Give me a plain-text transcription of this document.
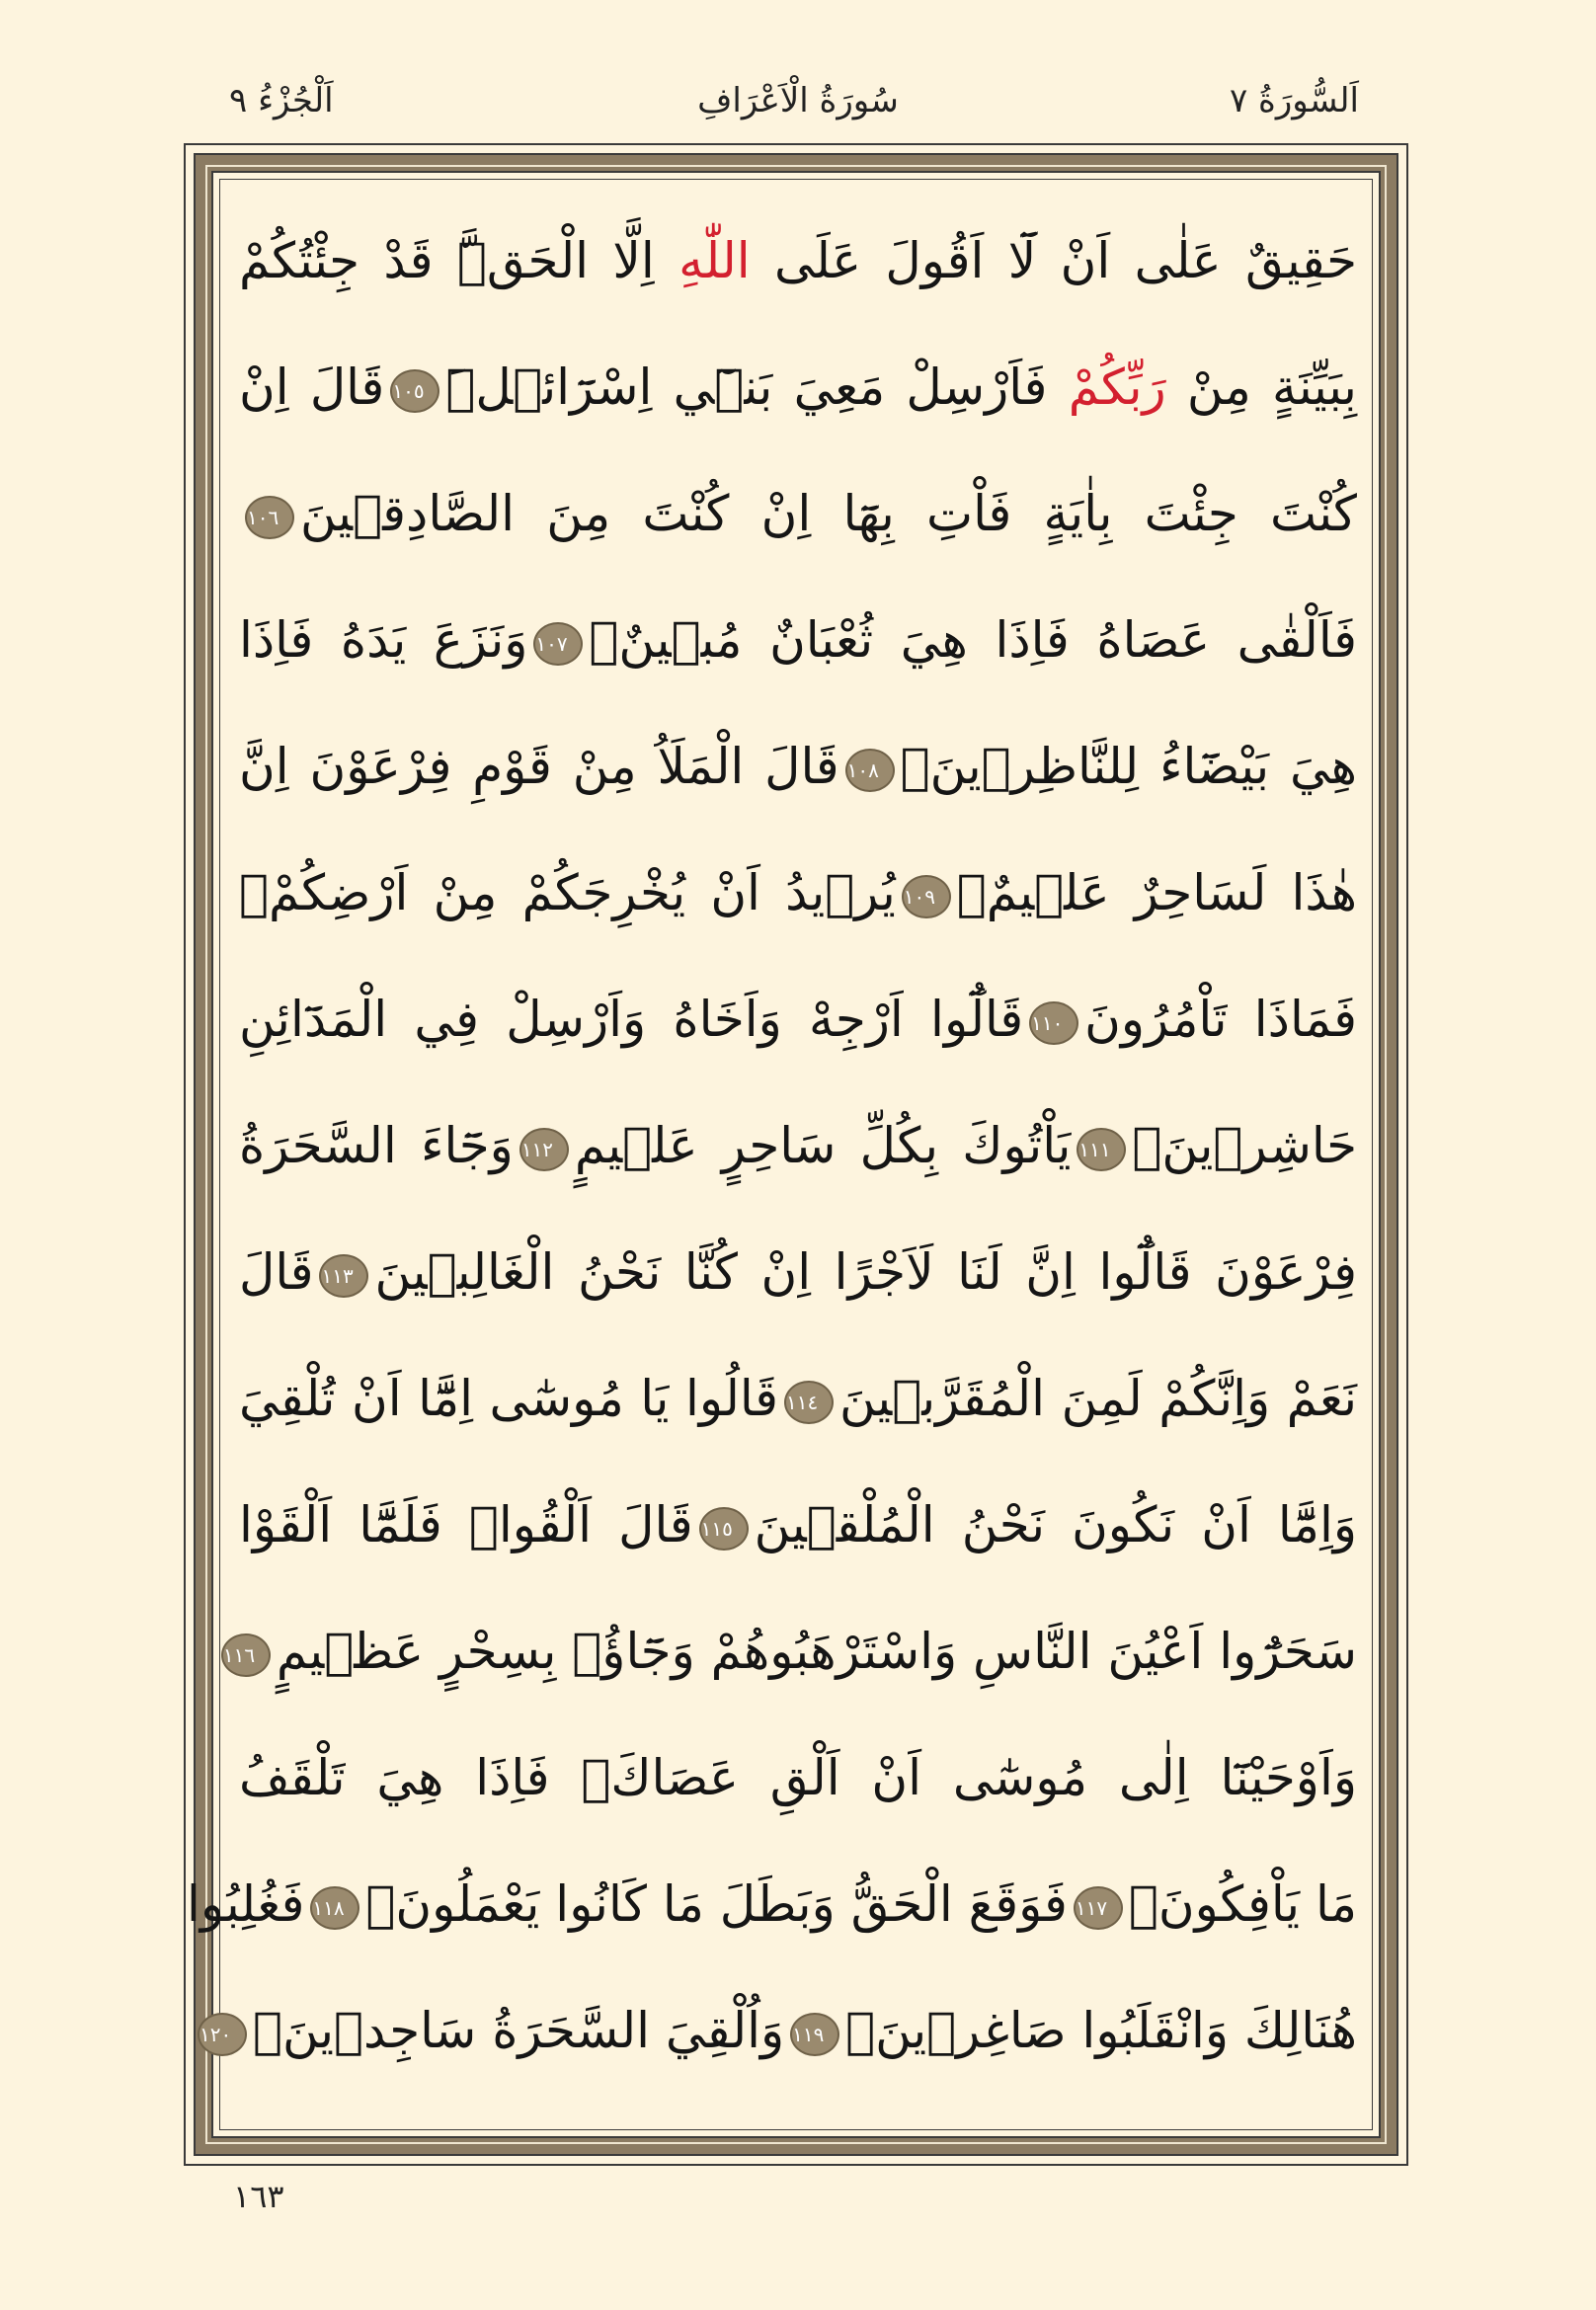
اَلْجُزْءُ ٩	سُورَةُ الْاَعْرَافِ	اَلسُّورَةُ ٧
حَقِيقٌ عَلٰى اَنْ لَٓا اَقُولَ عَلَى اللّٰهِ اِلَّا الْحَقَّۜ قَدْ جِئْتُكُمْ
بِبَيِّنَةٍ مِنْ رَبِّكُمْ فَاَرْسِلْ مَعِيَ بَن۪ٓي اِسْرَٓائ۪لَۜ١٠٥قَالَ اِنْ
كُنْتَ جِئْتَ بِاٰيَةٍ فَاْتِ بِهَٓا اِنْ كُنْتَ مِنَ الصَّادِق۪ينَ١٠٦
فَاَلْقٰى عَصَاهُ فَاِذَا هِيَ ثُعْبَانٌ مُب۪ينٌۚ١٠٧وَنَزَعَ يَدَهُ فَاِذَا
هِيَ بَيْضَٓاءُ لِلنَّاظِر۪ينَ۟١٠٨قَالَ الْمَلَاُ مِنْ قَوْمِ فِرْعَوْنَ اِنَّ
هٰذَا لَسَاحِرٌ عَل۪يمٌۙ١٠٩يُر۪يدُ اَنْ يُخْرِجَكُمْ مِنْ اَرْضِكُمْۚ
فَمَاذَا تَاْمُرُونَ١١٠قَالُٓوا اَرْجِهْ وَاَخَاهُ وَاَرْسِلْ فِي الْمَدَٓائِنِ
حَاشِر۪ينَۙ١١١يَاْتُوكَ بِكُلِّ سَاحِرٍ عَل۪يمٍ١١٢وَجَٓاءَ السَّحَرَةُ
فِرْعَوْنَ قَالُٓوا اِنَّ لَنَا لَاَجْرًا اِنْ كُنَّا نَحْنُ الْغَالِب۪ينَ١١٣قَالَ
نَعَمْ وَاِنَّكُمْ لَمِنَ الْمُقَرَّب۪ينَ١١٤قَالُوا يَا مُوسٰٓى اِمَّٓا اَنْ تُلْقِيَ
وَاِمَّٓا اَنْ نَكُونَ نَحْنُ الْمُلْق۪ينَ١١٥قَالَ اَلْقُواۚ فَلَمَّٓا اَلْقَوْا
سَحَرُٓوا اَعْيُنَ النَّاسِ وَاسْتَرْهَبُوهُمْ وَجَٓاؤُ۫ بِسِحْرٍ عَظ۪يمٍ١١٦
وَاَوْحَيْنَٓا اِلٰى مُوسٰٓى اَنْ اَلْقِ عَصَاكَۚ فَاِذَا هِيَ تَلْقَفُ
مَا يَاْفِكُونَۚ١١٧فَوَقَعَ الْحَقُّ وَبَطَلَ مَا كَانُوا يَعْمَلُونَۚ١١٨فَغُلِبُوا
هُنَالِكَ وَانْقَلَبُوا صَاغِر۪ينَۚ١١٩وَاُلْقِيَ السَّحَرَةُ سَاجِد۪ينَۚ١٢٠
١٦٣
